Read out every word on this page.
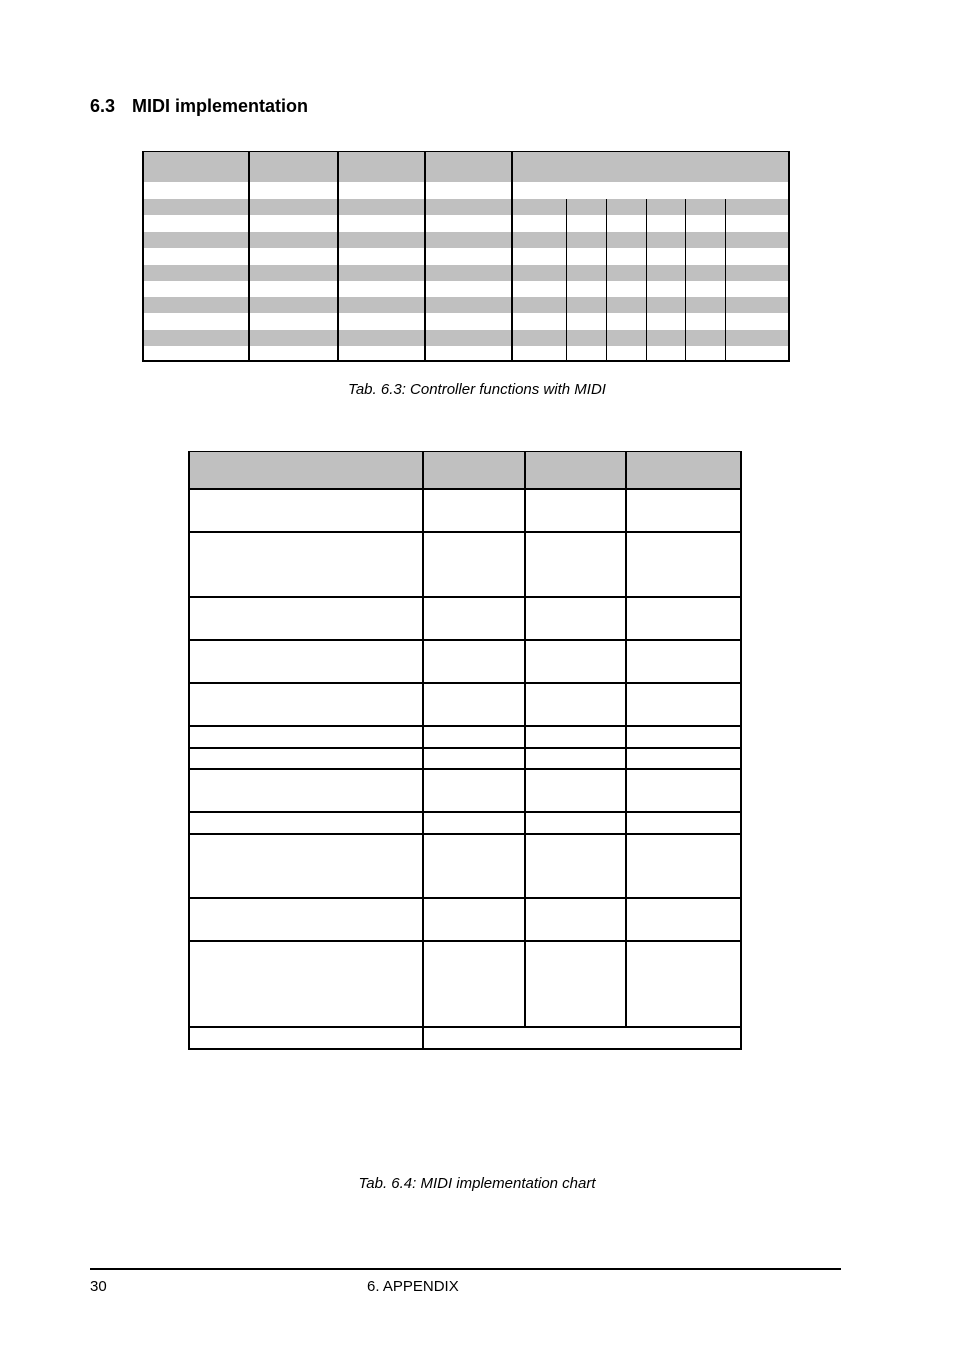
6.3 MIDI implementation
Tab. 6.3: Controller functions with MIDI
Tab. 6.4: MIDI implementation chart
30	6. APPENDIX
